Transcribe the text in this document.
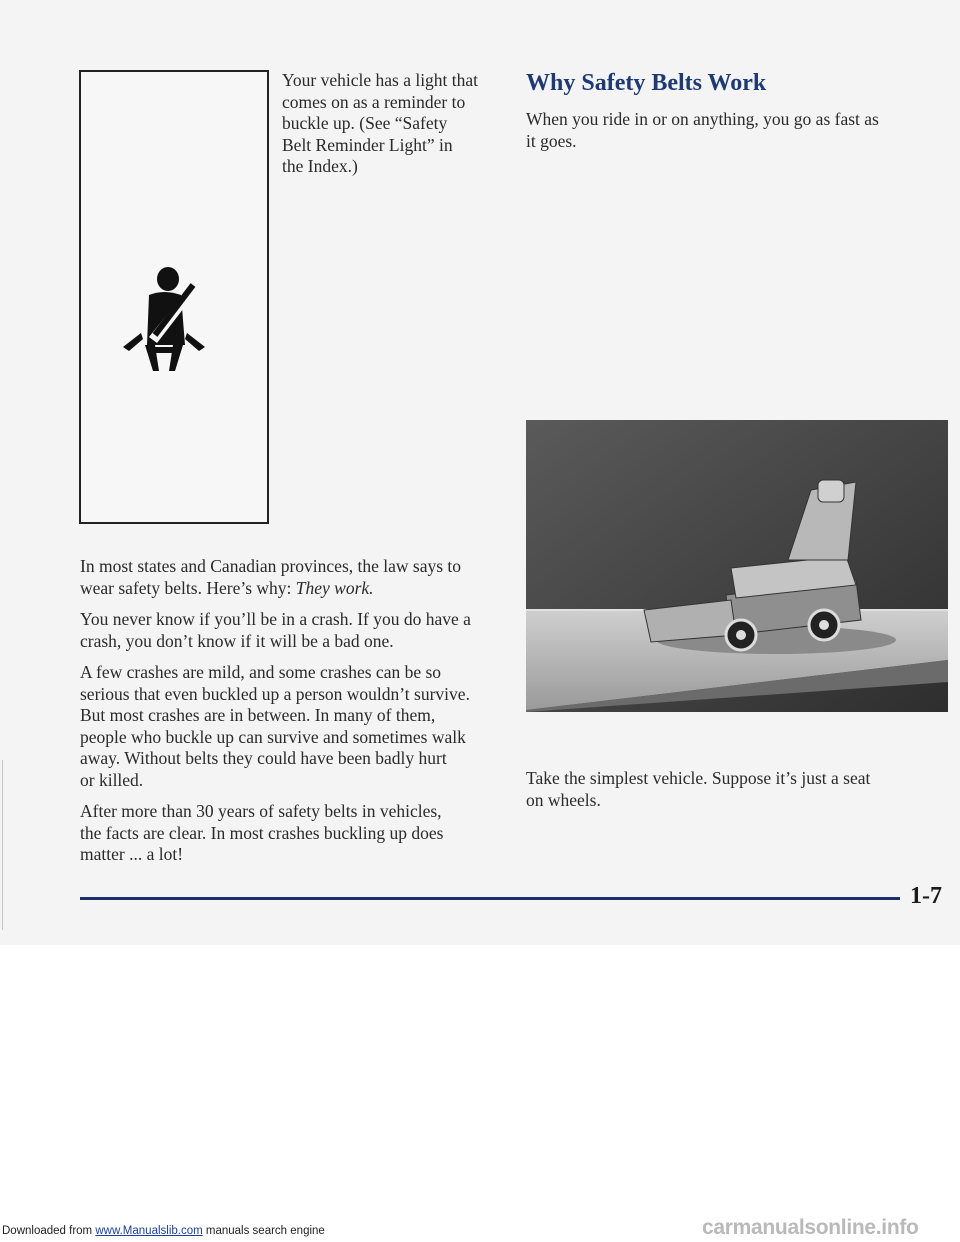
Your vehicle has a light that
comes on as a reminder to
buckle up. (See “Safety
Belt Reminder Light” in
the Index.)

In most states and Canadian provinces, the law says to
wear safety belts. Here’s why: They work.

You never know if you’ll be in a crash. If you do have a
crash, you don’t know if it will be a bad one.

A few crashes are mild, and some crashes can be so
serious that even buckled up a person wouldn’t survive.
But most crashes are in between. In many of them,
people who buckle up can survive and sometimes walk
away. Without belts they could have been badly hurt
or killed.

After more than 30 years of safety belts in vehicles,
the facts are clear. In most crashes buckling up does
matter ... a lot!

Why Safety Belts Work
When you ride in or on anything, you go as fast as
it goes.
Take the simplest vehicle. Suppose it’s just a seat
on wheels.
1-7
Downloaded from www.Manualslib.com manuals search engine	carmanualsonline.info
